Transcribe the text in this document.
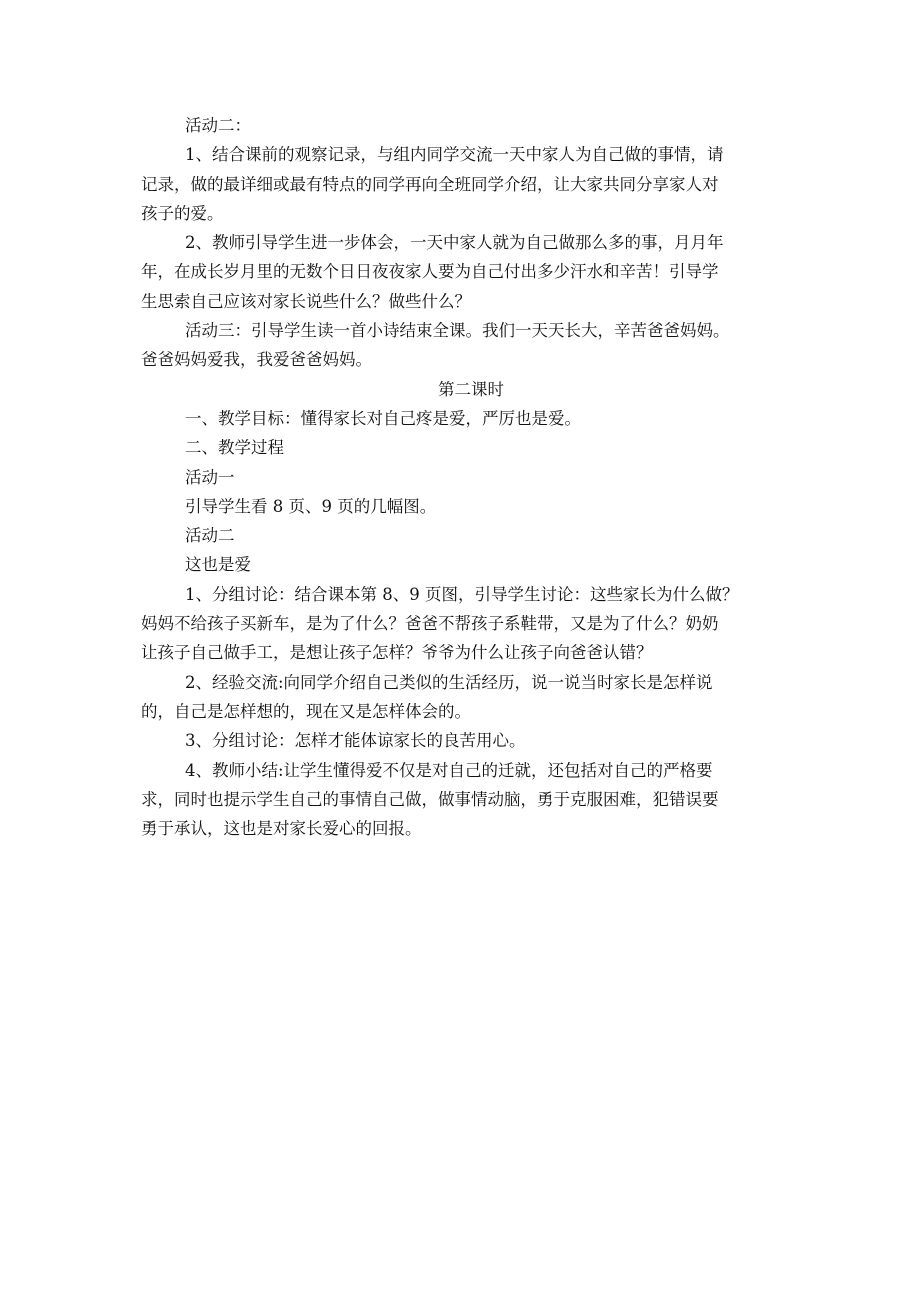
活动二：

1、结合课前的观察记录，与组内同学交流一天中家人为自己做的事情，请
记录，做的最详细或最有特点的同学再向全班同学介绍，让大家共同分享家人对
孩子的爱。

2、教师引导学生进一步体会，一天中家人就为自己做那么多的事，月月年
年，在成长岁月里的无数个日日夜夜家人要为自己付出多少汗水和辛苦！引导学
生思索自己应该对家长说些什么？做些什么？

活动三：引导学生读一首小诗结束全课。我们一天天长大，辛苦爸爸妈妈。
爸爸妈妈爱我，我爱爸爸妈妈。

第二课时

一、教学目标：懂得家长对自己疼是爱，严厉也是爱。

二、教学过程

活动一

引导学生看 8 页、9 页的几幅图。

活动二

这也是爱

1、分组讨论：结合课本第 8、9 页图，引导学生讨论：这些家长为什么做？
妈妈不给孩子买新车，是为了什么？爸爸不帮孩子系鞋带，又是为了什么？奶奶
让孩子自己做手工，是想让孩子怎样？爷爷为什么让孩子向爸爸认错？

2、经验交流:向同学介绍自己类似的生活经历，说一说当时家长是怎样说
的，自己是怎样想的，现在又是怎样体会的。

3、分组讨论：怎样才能体谅家长的良苦用心。

4、教师小结:让学生懂得爱不仅是对自己的迁就，还包括对自己的严格要
求，同时也提示学生自己的事情自己做，做事情动脑，勇于克服困难，犯错误要
勇于承认，这也是对家长爱心的回报。
